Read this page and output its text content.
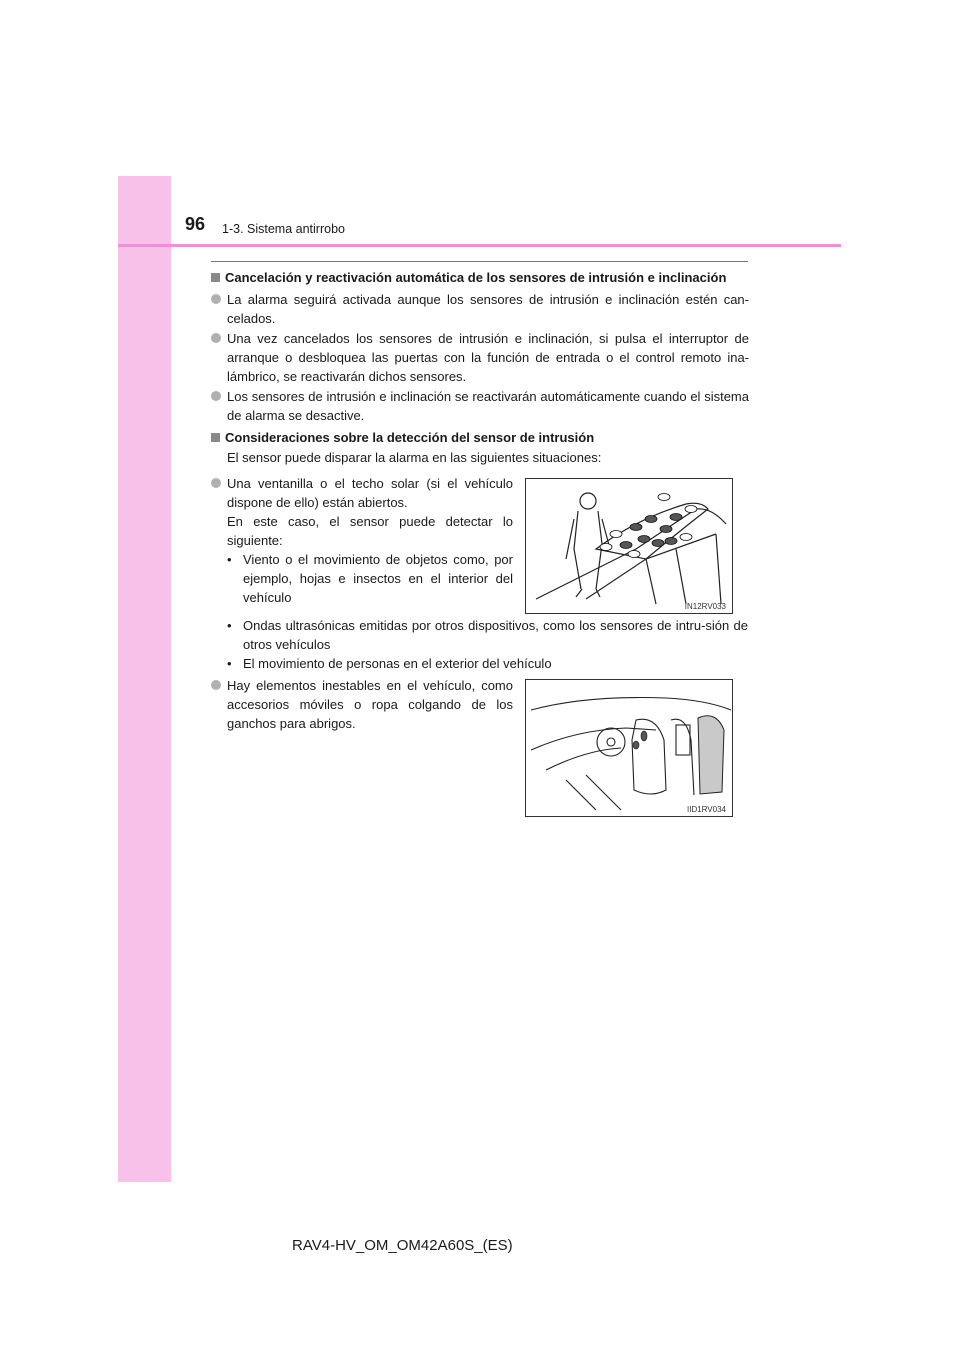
96 1-3. Sistema antirrobo
Cancelación y reactivación automática de los sensores de intrusión e inclinación
La alarma seguirá activada aunque los sensores de intrusión e inclinación estén can-celados.
Una vez cancelados los sensores de intrusión e inclinación, si pulsa el interruptor de arranque o desbloquea las puertas con la función de entrada o el control remoto ina-lámbrico, se reactivarán dichos sensores.
Los sensores de intrusión e inclinación se reactivarán automáticamente cuando el sistema de alarma se desactive.
Consideraciones sobre la detección del sensor de intrusión
El sensor puede disparar la alarma en las siguientes situaciones:
Una ventanilla o el techo solar (si el vehículo dispone de ello) están abiertos.
En este caso, el sensor puede detectar lo siguiente:
• Viento o el movimiento de objetos como, por ejemplo, hojas e insectos en el interior del vehículo
• Ondas ultrasónicas emitidas por otros dispositivos, como los sensores de intru-sión de otros vehículos
• El movimiento de personas en el exterior del vehículo
Hay elementos inestables en el vehículo, como accesorios móviles o ropa colgando de los ganchos para abrigos.
IN12RV033
IID1RV034
RAV4-HV_OM_OM42A60S_(ES)
